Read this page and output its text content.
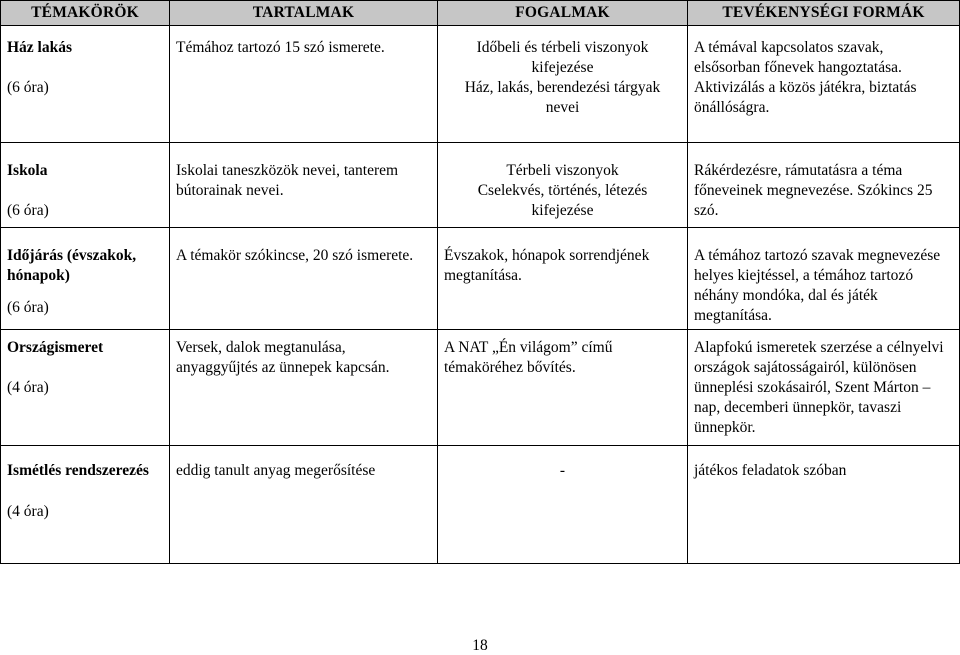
TÉMAKÖRÖK	TARTALMAK	FOGALMAK	TEVÉKENYSÉGI FORMÁK

Ház lakás
(6 óra)	Témához tartozó 15 szó ismerete.	Időbeli és térbeli viszonyok
kifejezése
Ház, lakás, berendezési tárgyak
nevei	A témával kapcsolatos szavak, elsősorban főnevek hangoztatása. Aktivizálás a közös játékra, biztatás önállóságra.

Iskola
(6 óra)	Iskolai taneszközök nevei, tanterem bútorainak nevei.	Térbeli viszonyok
Cselekvés, történés, létezés
kifejezése	Rákérdezésre, rámutatásra a téma főneveinek megnevezése. Szókincs 25 szó.

Időjárás (évszakok, hónapok)
(6 óra)	A témakör szókincse, 20 szó ismerete.	Évszakok, hónapok sorrendjének megtanítása.	A témához tartozó szavak megnevezése helyes kiejtéssel, a témához tartozó néhány mondóka, dal és játék megtanítása.

Országismeret
(4 óra)	Versek, dalok megtanulása, anyaggyűjtés az ünnepek kapcsán.	A NAT „Én világom” című témaköréhez bővítés.	Alapfokú ismeretek szerzése a célnyelvi országok sajátosságairól, különösen ünneplési szokásairól, Szent Márton – nap, decemberi ünnepkör, tavaszi ünnepkör.

Ismétlés rendszerezés
(4 óra)	eddig tanult anyag megerősítése	-	játékos feladatok szóban
18
